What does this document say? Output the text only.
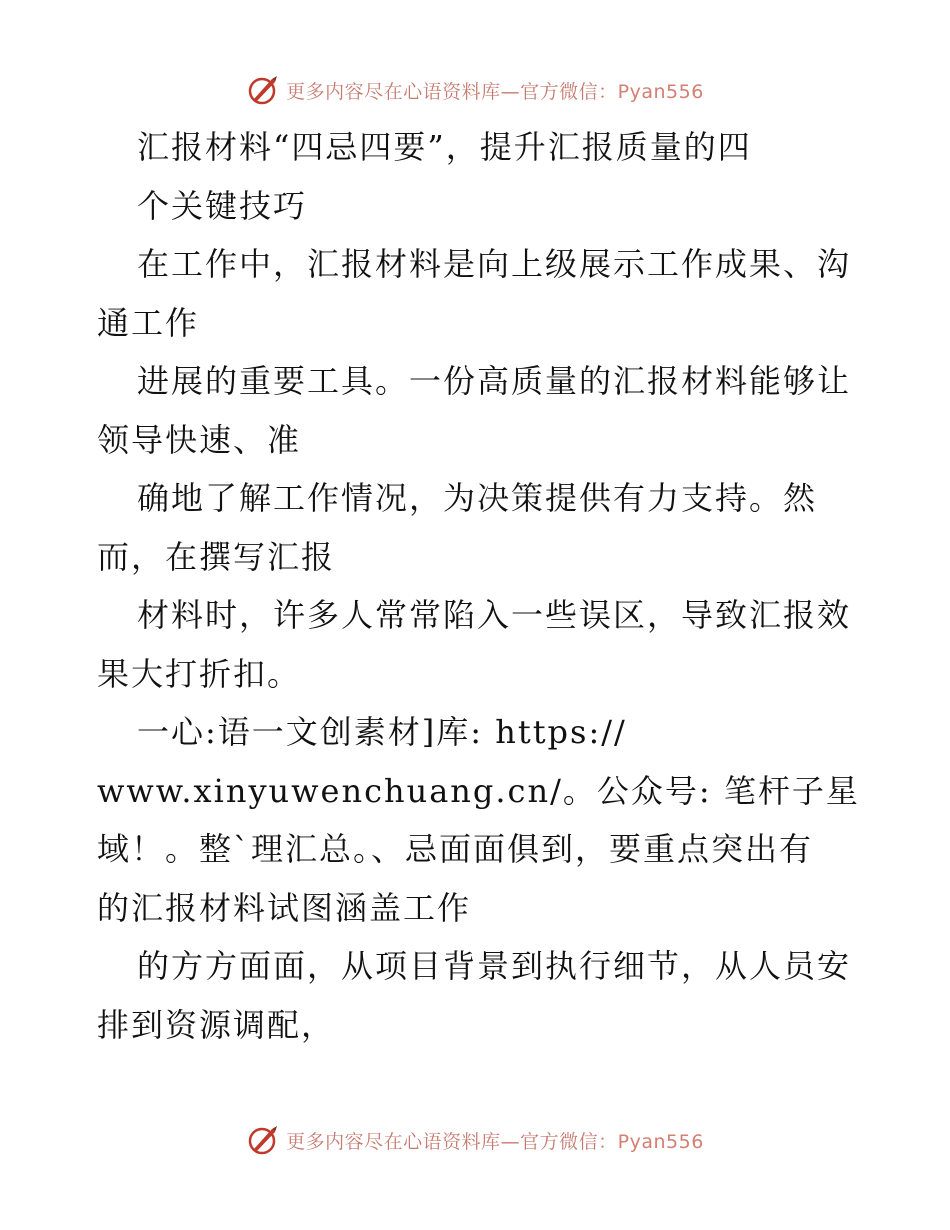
更多内容尽在心语资料库—官方微信：Pyan556
汇报材料“四忌四要”，提升汇报质量的四
个关键技巧
在工作中，汇报材料是向上级展示工作成果、沟
通工作
进展的重要工具。一份高质量的汇报材料能够让
领导快速、准
确地了解工作情况，为决策提供有力支持。然
而，在撰写汇报
材料时，许多人常常陷入一些误区，导致汇报效
果大打折扣。
一心:语一文创素材]库: https://
www.xinyuwenchuang.cn/。公众号: 笔杆子星
域！。整`理汇总。、忌面面俱到，要重点突出有
的汇报材料试图涵盖工作
的方方面面，从项目背景到执行细节，从人员安
排到资源调配，
更多内容尽在心语资料库—官方微信：Pyan556
